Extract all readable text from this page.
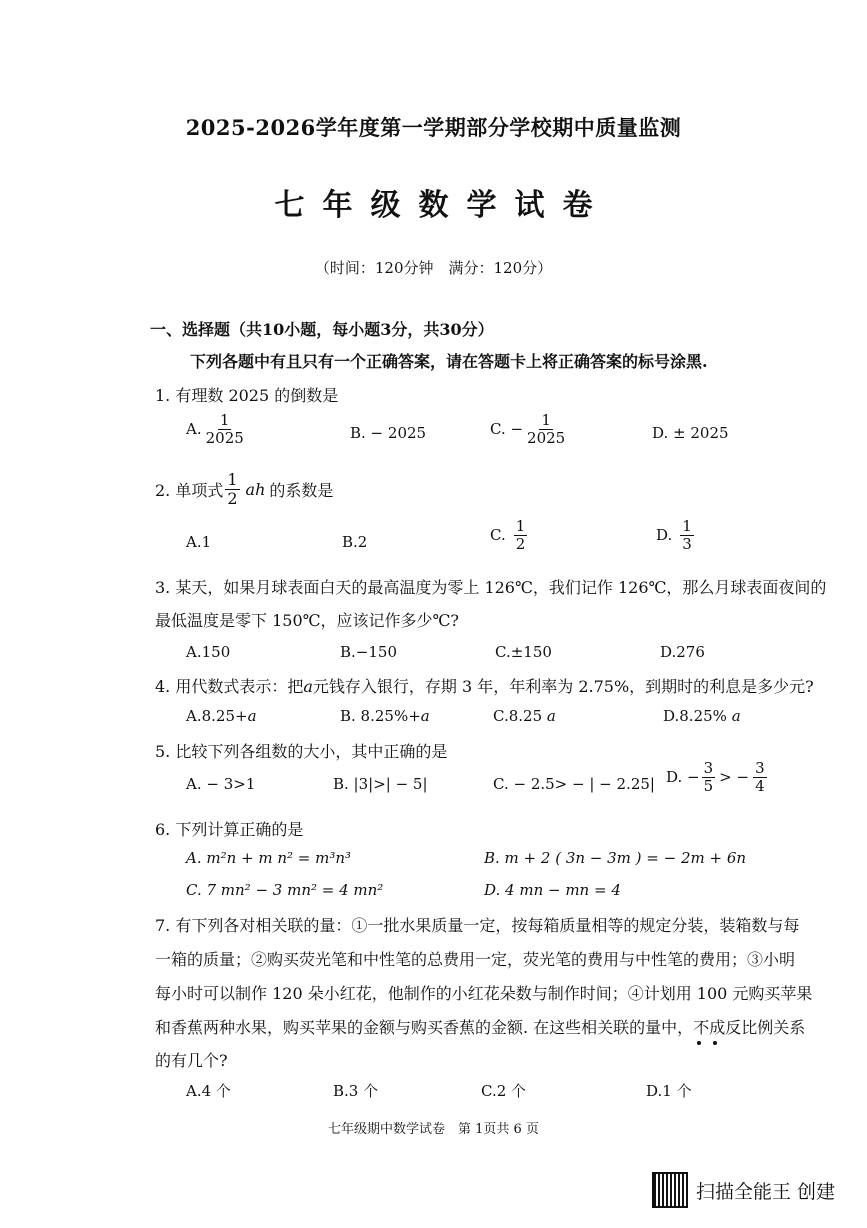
2025-2026学年度第一学期部分学校期中质量监测
七年级数学试卷
（时间：120分钟　满分：120分）
一、选择题（共10小题，每小题3分，共30分）
下列各题中有且只有一个正确答案，请在答题卡上将正确答案的标号涂黑.
1. 有理数 2025 的倒数是
A. $\frac{1}{2025}$	B. − 2025	C. − $\frac{1}{2025}$	D. ± 2025
2. 单项式 $\frac{1}{2}$ ah 的系数是
A.1	B.2	C. $\frac{1}{2}$	D. $\frac{1}{3}$
3. 某天，如果月球表面白天的最高温度为零上 126℃，我们记作 126℃，那么月球表面夜间的
最低温度是零下 150℃，应该记作多少℃?
A.150	B.−150	C.±150	D.276
4. 用代数式表示：把a元钱存入银行，存期 3 年，年利率为 2.75%，到期时的利息是多少元?
A.8.25+a	B. 8.25%+a	C.8.25 a	D.8.25% a
5. 比较下列各组数的大小，其中正确的是
A. − 3>1	B. |3|>| − 5|	C. − 2.5> − | − 2.25| D. − $\frac{3}{5}$ > − $\frac{3}{4}$
6. 下列计算正确的是
A. m²n + m n² = m³n³	B. m + 2 ( 3n − 3m ) = − 2m + 6n
C. 7 mn² − 3 mn² = 4 mn²	D. 4 mn − mn = 4
7. 有下列各对相关联的量：①一批水果质量一定，按每箱质量相等的规定分装，装箱数与每
一箱的质量；②购买荧光笔和中性笔的总费用一定，荧光笔的费用与中性笔的费用；③小明
每小时可以制作 120 朵小红花，他制作的小红花朵数与制作时间；④计划用 100 元购买苹果
和香蕉两种水果，购买苹果的金额与购买香蕉的金额. 在这些相关联的量中，不成
反比例关系
的有几个?
A.4 个	B.3 个	C.2 个	D.1 个
七年级期中数学试卷　第 1页共 6 页
扫描全能王 创建
